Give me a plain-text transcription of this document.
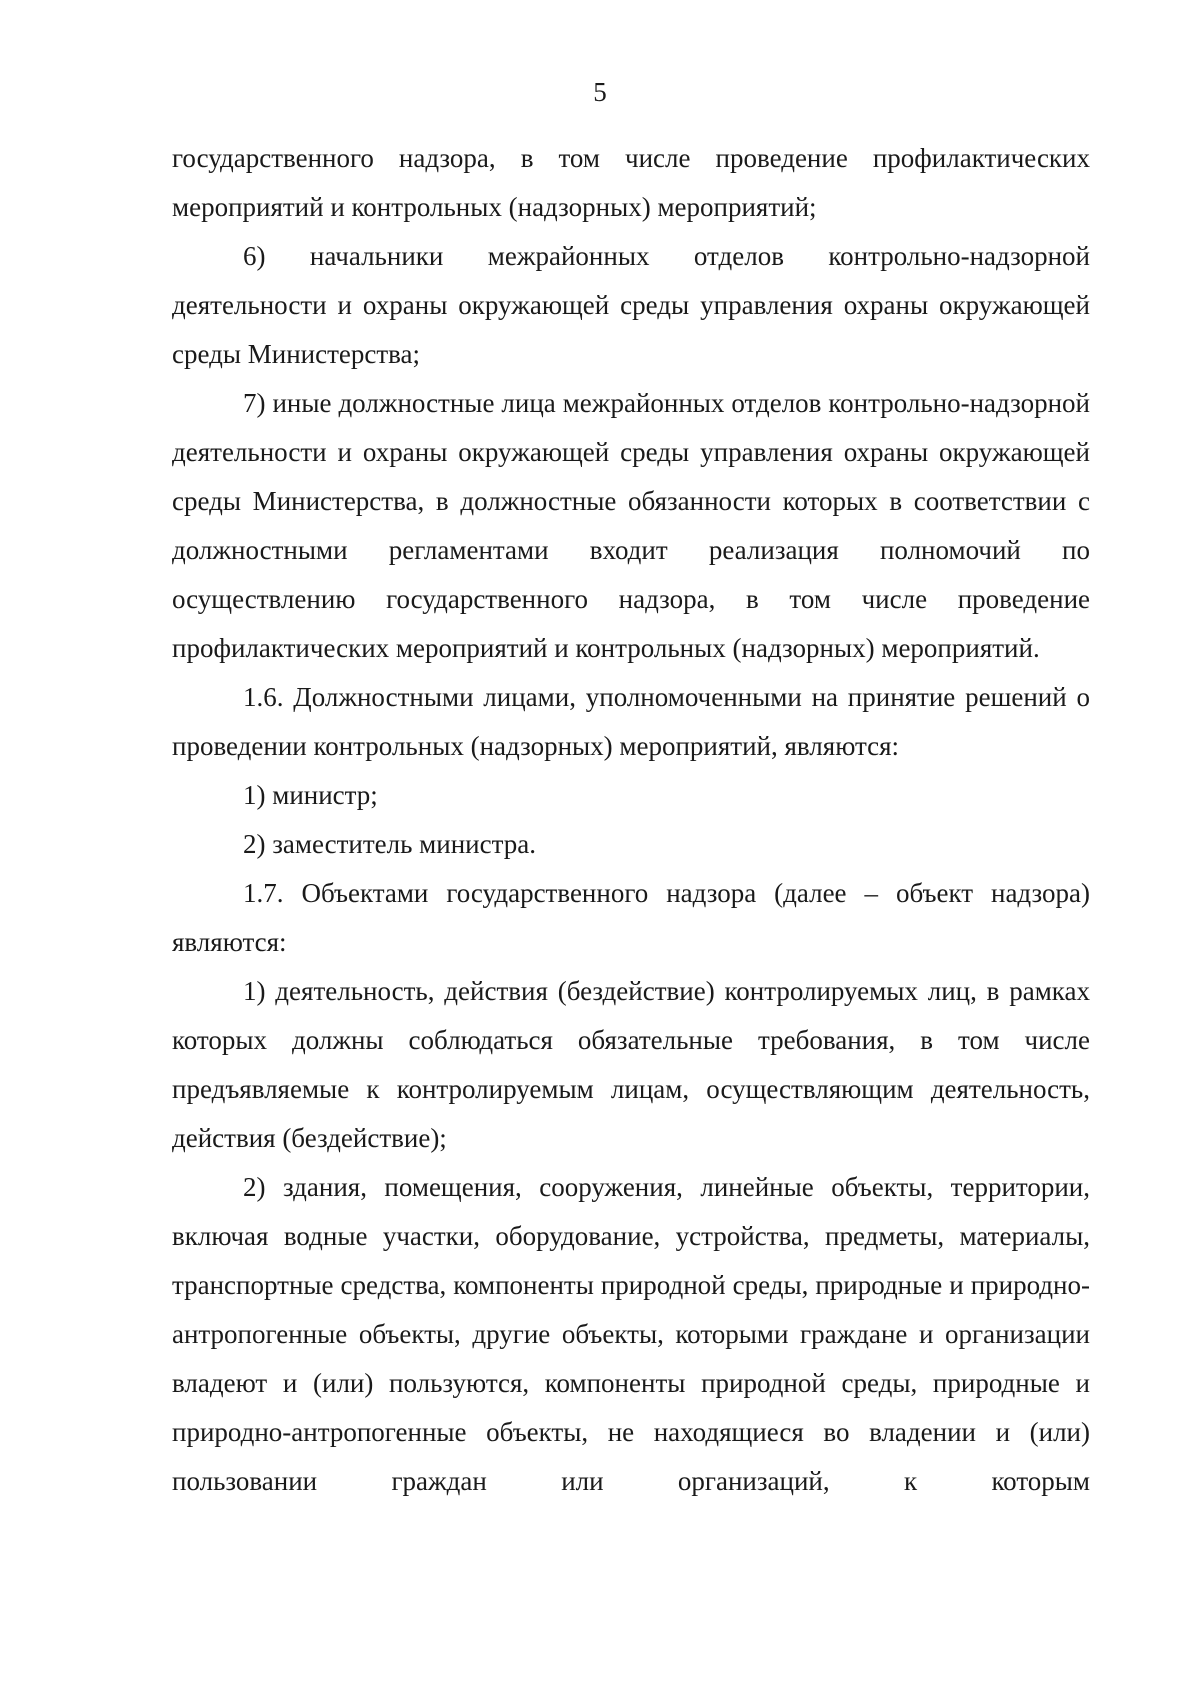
5

государственного надзора, в том числе проведение профилактических мероприятий и контрольных (надзорных) мероприятий;

6) начальники межрайонных отделов контрольно-надзорной деятельности и охраны окружающей среды управления охраны окружающей среды Министерства;

7) иные должностные лица межрайонных отделов контрольно-надзорной деятельности и охраны окружающей среды управления охраны окружающей среды Министерства, в должностные обязанности которых в соответствии с должностными регламентами входит реализация полномочий по осуществлению государственного надзора, в том числе проведение профилактических мероприятий и контрольных (надзорных) мероприятий.

1.6. Должностными лицами, уполномоченными на принятие решений о проведении контрольных (надзорных) мероприятий, являются:

1) министр;

2) заместитель министра.

1.7. Объектами государственного надзора (далее – объект надзора) являются:

1) деятельность, действия (бездействие) контролируемых лиц, в рамках которых должны соблюдаться обязательные требования, в том числе предъявляемые к контролируемым лицам, осуществляющим деятельность, действия (бездействие);

2) здания, помещения, сооружения, линейные объекты, территории, включая водные участки, оборудование, устройства, предметы, материалы, транспортные средства, компоненты природной среды, природные и природно-антропогенные объекты, другие объекты, которыми граждане и организации владеют и (или) пользуются, компоненты природной среды, природные и природно-антропогенные объекты, не находящиеся во владении и (или) пользовании граждан или организаций, к которым
